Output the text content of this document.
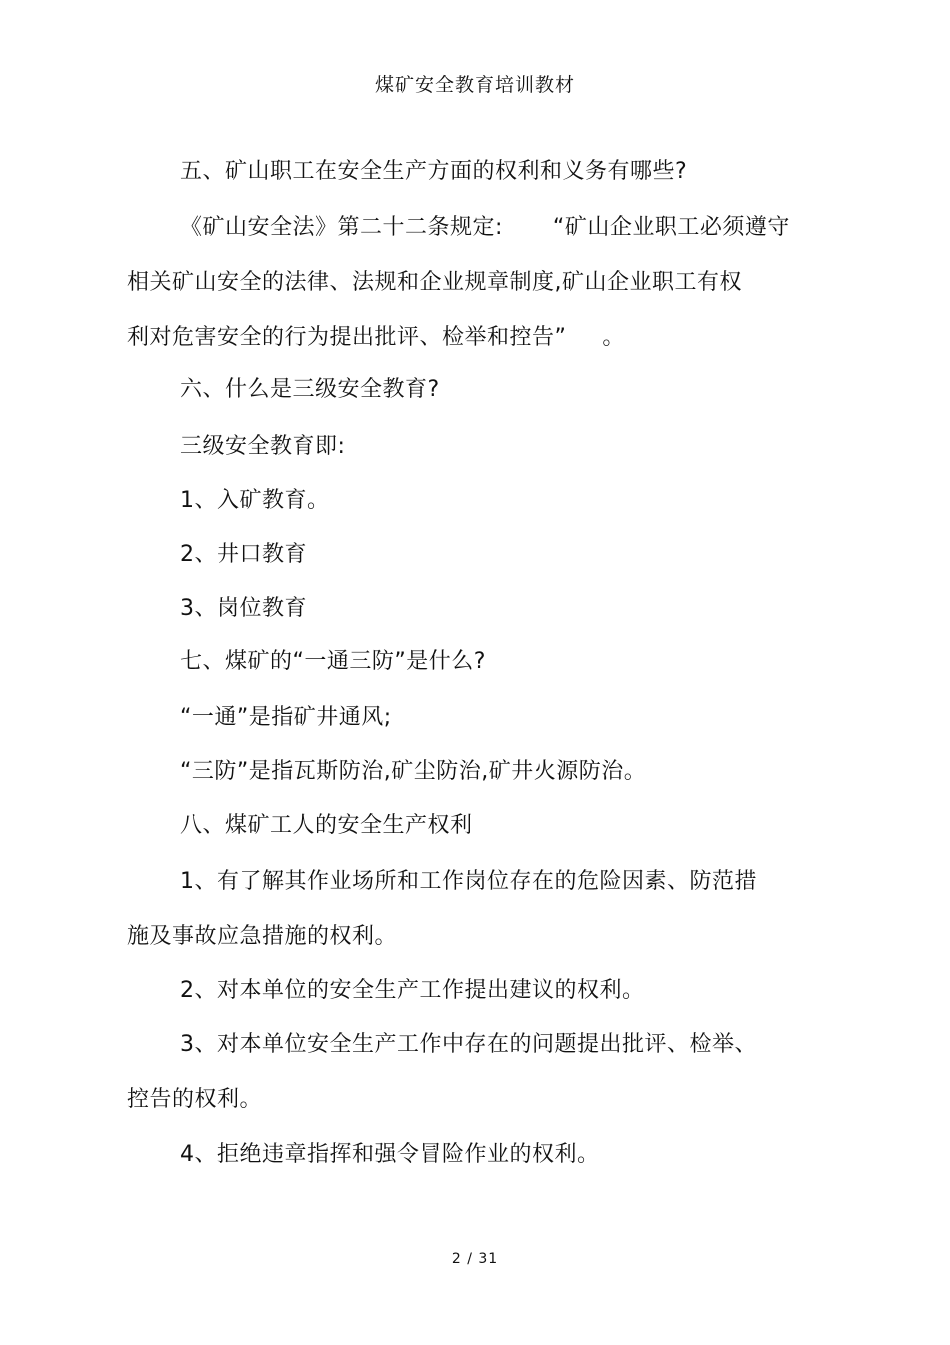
煤矿安全教育培训教材
五、矿山职工在安全生产方面的权利和义务有哪些?
《矿山安全法》第二十二条规定: “矿山企业职工必须遵守
相关矿山安全的法律、法规和企业规章制度,矿山企业职工有权
利对危害安全的行为提出批评、检举和控告” 。
六、什么是三级安全教育?
三级安全教育即:
1、入矿教育。
2、井口教育
3、岗位教育
七、煤矿的“一通三防”是什么?
“一通”是指矿井通风;
“三防”是指瓦斯防治,矿尘防治,矿井火源防治。
八、煤矿工人的安全生产权利
1、有了解其作业场所和工作岗位存在的危险因素、防范措
施及事故应急措施的权利。
2、对本单位的安全生产工作提出建议的权利。
3、对本单位安全生产工作中存在的问题提出批评、检举、
控告的权利。
4、拒绝违章指挥和强令冒险作业的权利。
2 / 31
